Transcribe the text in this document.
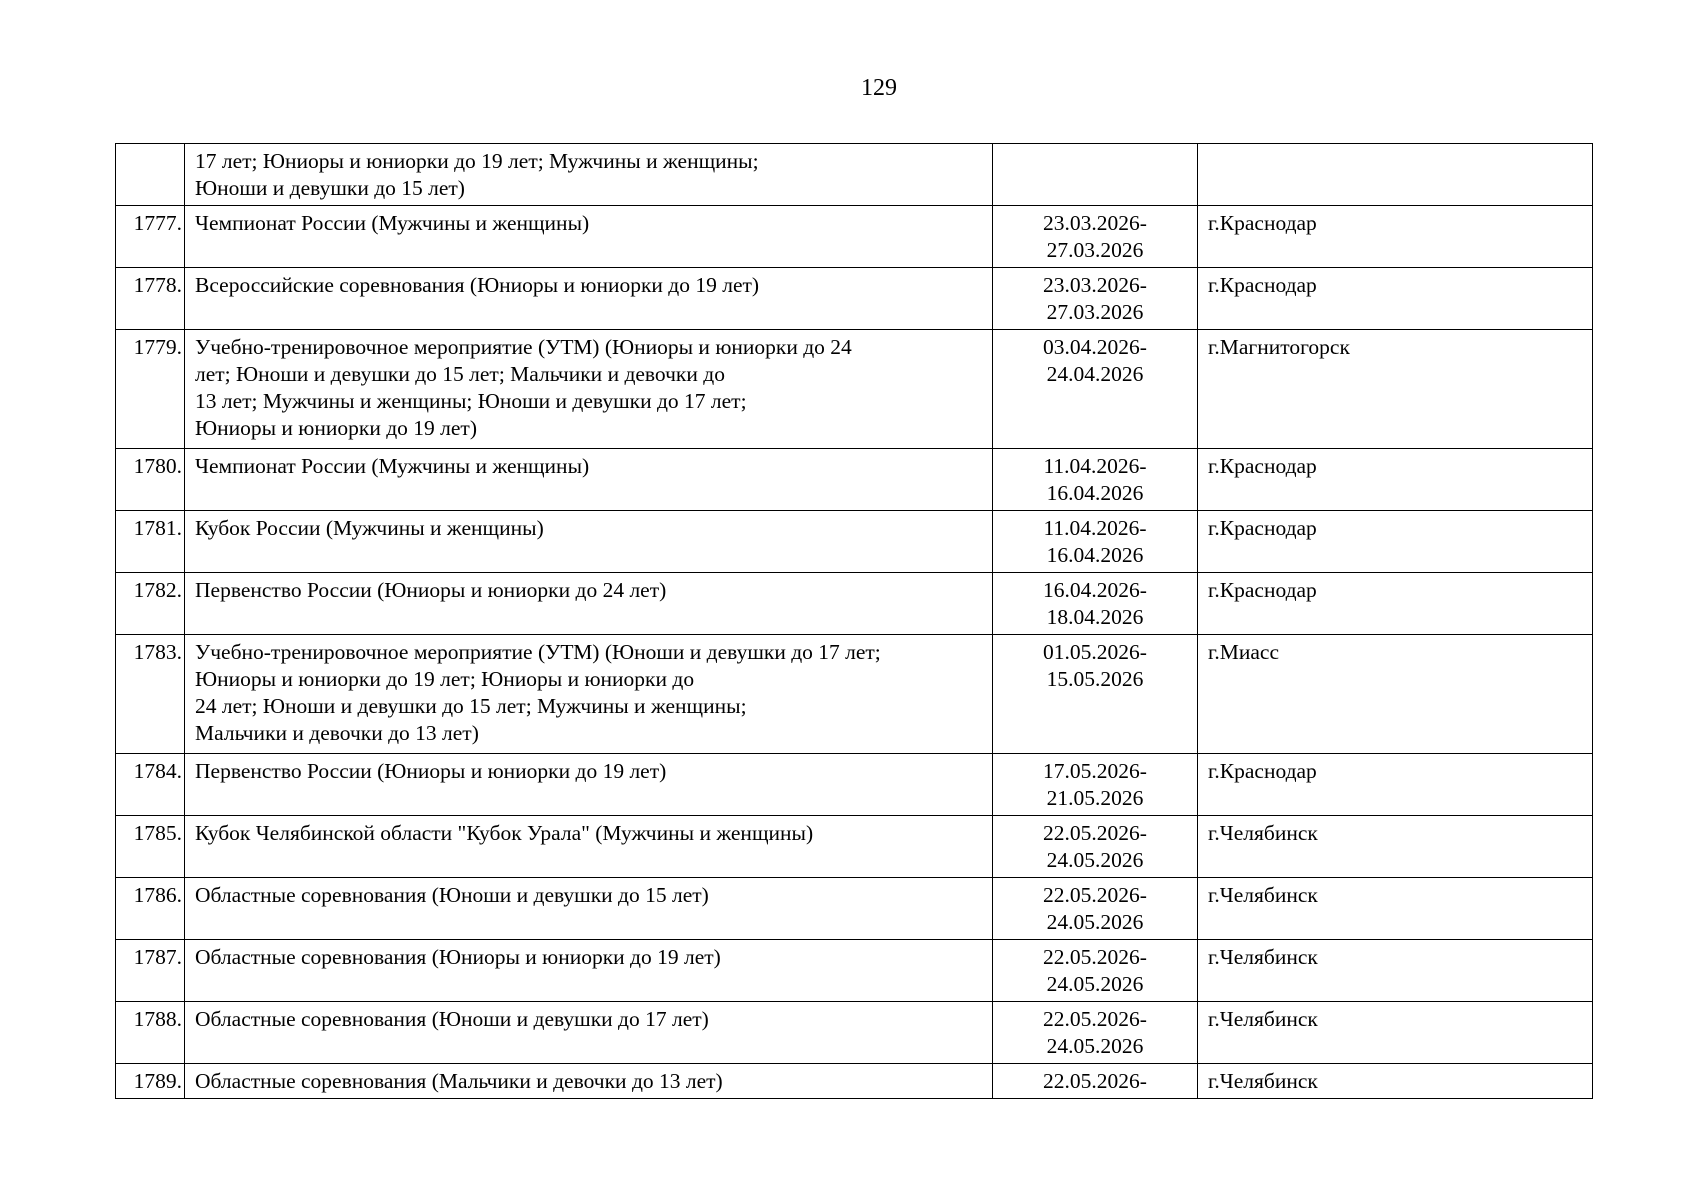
129
	17 лет; Юниоры и юниорки до 19 лет; Мужчины и женщины;
Юноши и девушки до 15 лет)		
1777.	Чемпионат России (Мужчины и женщины)	23.03.2026-
27.03.2026	г.Краснодар
1778.	Всероссийские соревнования (Юниоры и юниорки до 19 лет)	23.03.2026-
27.03.2026	г.Краснодар
1779.	Учебно-тренировочное мероприятие (УТМ) (Юниоры и юниорки до 24
лет; Юноши и девушки до 15 лет; Мальчики и девочки до
13 лет; Мужчины и женщины; Юноши и девушки до 17 лет;
Юниоры и юниорки до 19 лет)	03.04.2026-
24.04.2026	г.Магнитогорск
1780.	Чемпионат России (Мужчины и женщины)	11.04.2026-
16.04.2026	г.Краснодар
1781.	Кубок России (Мужчины и женщины)	11.04.2026-
16.04.2026	г.Краснодар
1782.	Первенство России (Юниоры и юниорки до 24 лет)	16.04.2026-
18.04.2026	г.Краснодар
1783.	Учебно-тренировочное мероприятие (УТМ) (Юноши и девушки до 17 лет;
Юниоры и юниорки до 19 лет; Юниоры и юниорки до
24 лет; Юноши и девушки до 15 лет; Мужчины и женщины;
Мальчики и девочки до 13 лет)	01.05.2026-
15.05.2026	г.Миасс
1784.	Первенство России (Юниоры и юниорки до 19 лет)	17.05.2026-
21.05.2026	г.Краснодар
1785.	Кубок Челябинской области "Кубок Урала" (Мужчины и женщины)	22.05.2026-
24.05.2026	г.Челябинск
1786.	Областные соревнования (Юноши и девушки до 15 лет)	22.05.2026-
24.05.2026	г.Челябинск
1787.	Областные соревнования (Юниоры и юниорки до 19 лет)	22.05.2026-
24.05.2026	г.Челябинск
1788.	Областные соревнования (Юноши и девушки до 17 лет)	22.05.2026-
24.05.2026	г.Челябинск
1789.	Областные соревнования (Мальчики и девочки до 13 лет)	22.05.2026-	г.Челябинск
